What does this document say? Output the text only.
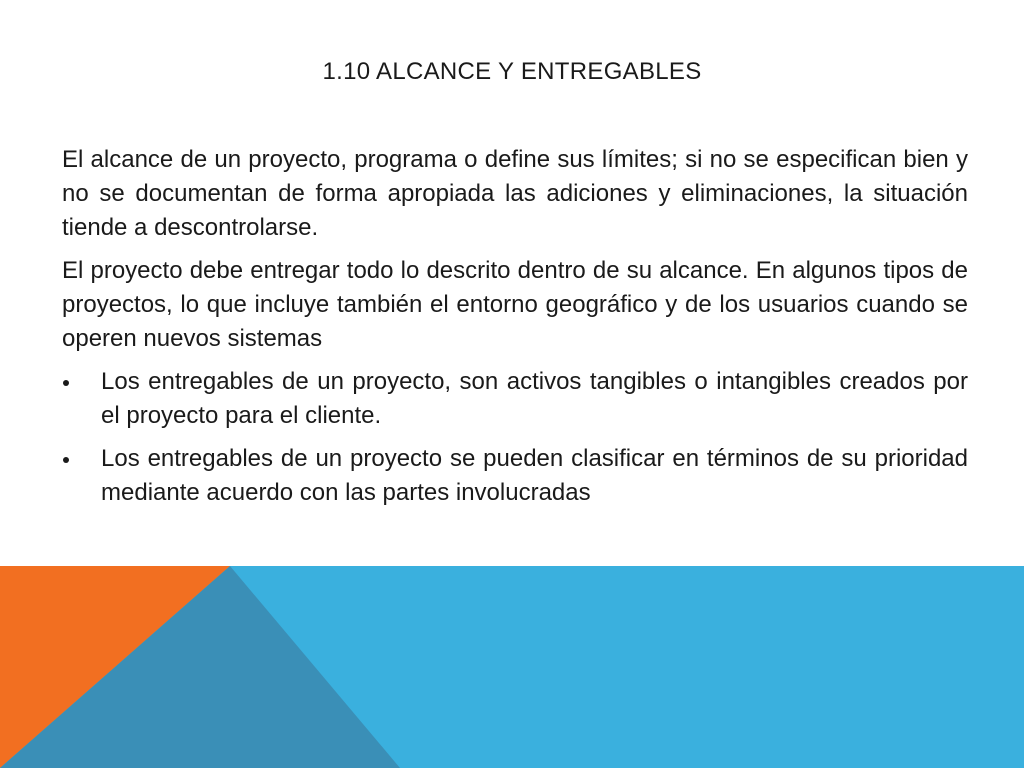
1.10 ALCANCE Y ENTREGABLES

El alcance de un proyecto, programa o define sus límites; si no se especifican bien y no se documentan de forma apropiada las adiciones y eliminaciones, la situación tiende a descontrolarse.

El proyecto debe entregar todo lo descrito dentro de su alcance. En algunos tipos de proyectos, lo que incluye también el entorno geográfico y de los usuarios cuando se operen nuevos sistemas

Los entregables de un proyecto, son activos tangibles o intangibles creados por el proyecto para el cliente.
Los entregables de un proyecto se pueden clasificar en términos de su prioridad mediante acuerdo con las partes involucradas
